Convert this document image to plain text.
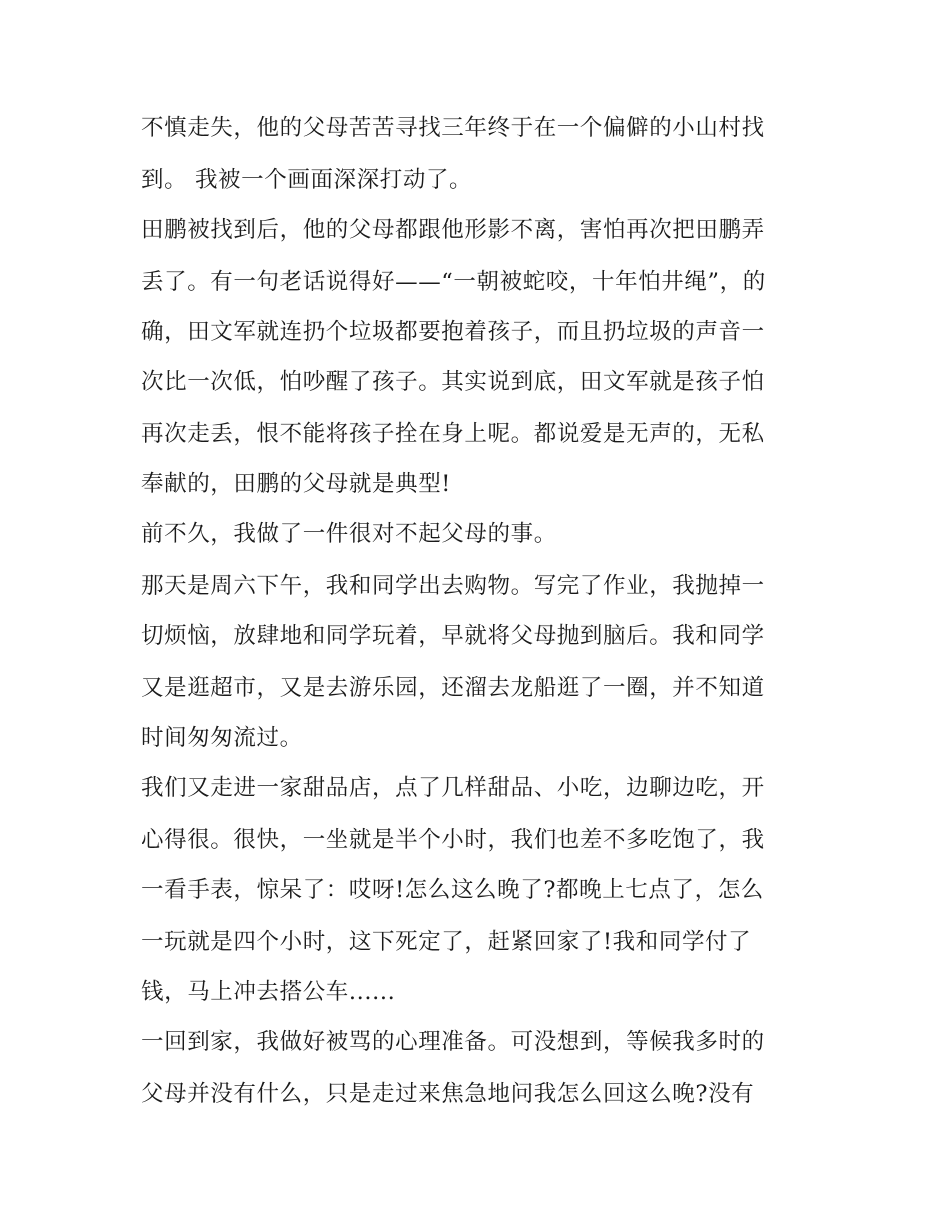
不慎走失，他的父母苦苦寻找三年终于在一个偏僻的小山村找
到。 我被一个画面深深打动了。
田鹏被找到后，他的父母都跟他形影不离，害怕再次把田鹏弄
丢了。有一句老话说得好——“一朝被蛇咬，十年怕井绳”，的
确，田文军就连扔个垃圾都要抱着孩子，而且扔垃圾的声音一
次比一次低，怕吵醒了孩子。其实说到底，田文军就是孩子怕
再次走丢，恨不能将孩子拴在身上呢。都说爱是无声的，无私
奉献的，田鹏的父母就是典型!
前不久，我做了一件很对不起父母的事。
那天是周六下午，我和同学出去购物。写完了作业，我抛掉一
切烦恼，放肆地和同学玩着，早就将父母抛到脑后。我和同学
又是逛超市，又是去游乐园，还溜去龙船逛了一圈，并不知道
时间匆匆流过。
我们又走进一家甜品店，点了几样甜品、小吃，边聊边吃，开
心得很。很快，一坐就是半个小时，我们也差不多吃饱了，我
一看手表，惊呆了：哎呀!怎么这么晚了?都晚上七点了，怎么
一玩就是四个小时，这下死定了，赶紧回家了!我和同学付了
钱，马上冲去搭公车......
一回到家，我做好被骂的心理准备。可没想到，等候我多时的
父母并没有什么，只是走过来焦急地问我怎么回这么晚?没有
